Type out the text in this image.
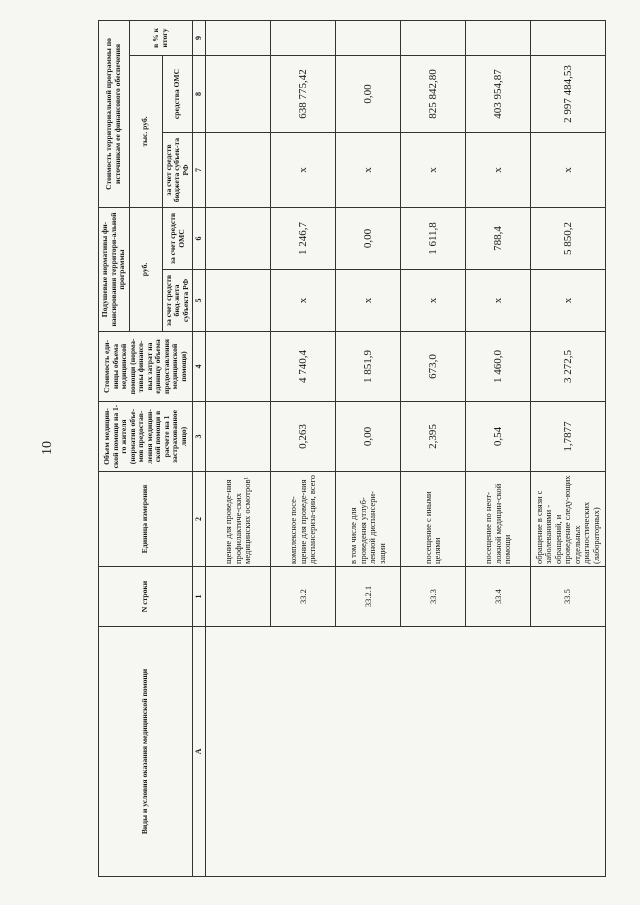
10
Виды и условия оказания медицинской помощи	N строки	Единица измерения	Объем медицин-ской помощи на 1-го жителя (норматив объе-мов предостав-ления медицин-ской помощи в расчете на 1 застрахованное лицо)	Стоимость еди-ницы объема медицинской помощи (норма-тивы финансо-вых затрат на единицу объема предоставления медицинской помощи)	Подушевые нормативы фи-нансирования территори-альной программы		Стоимость территориальной программы по источникам ее финансового обеспечения		
					руб.		тыс. руб.		в % к итогу
					за счет средств бюд-жета субъекта РФ	за счет средств ОМС	за счет средств бюджета субъек-та РФ	средства ОМС	
А	1	2	3	4	5	6	7	8	9
		щение для проведе-ния профилактиче-ских медицинских осмотров¹							
	33.2	комплексное посе-щение для проведе-ния диспансериза-ции, всего	0,263	4 740,4	х	1 246,7	х	638 775,42	
	33.2.1	в том числе для проведения углуб-ленной диспансери-зации	0,00	1 851,9	х	0,00	х	0,00	
	33.3	посещение с иными целями	2,395	673,0	х	1 611,8	х	825 842,80	
	33.4	посещение по неот-ложной медицин-ской помощи	0,54	1 460,0	х	788,4	х	403 954,87	
	33.5	обращение в связи с заболеваниями - обращений, и проведение следу-ющих отдельных диагностических (лабораторных)	1,7877	3 272,5	х	5 850,2	х	2 997 484,53	
